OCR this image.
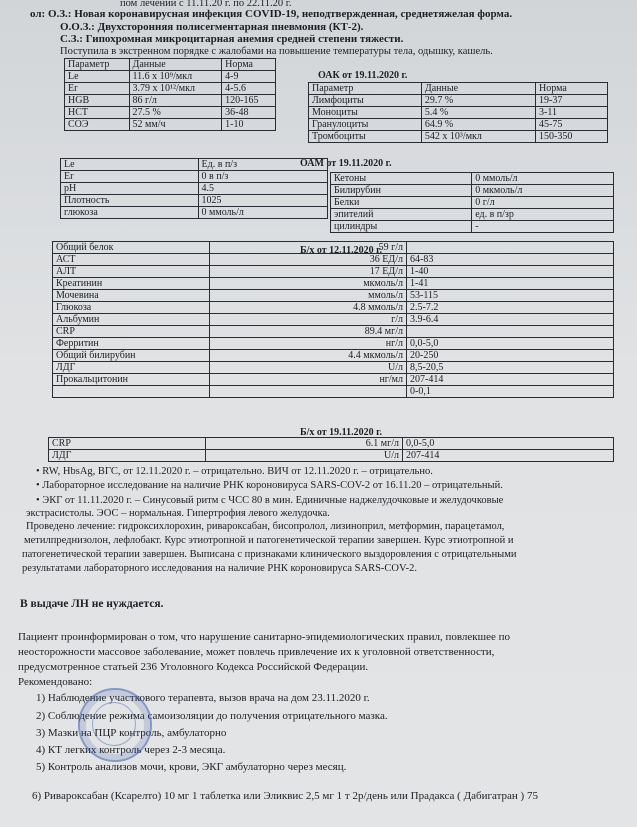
пом лечении с 11.11.20 г. по 22.11.20 г.
ол: О.З.: Новая коронавирусная инфекция COVID-19, неподтвержденная, среднетяжелая форма.
О.О.З.: Двухсторонняя полисегментарная пневмония (КТ-2).
С.З.: Гипохромная микроцитарная анемия средней степени тяжести.
Поступила в экстренном порядке с жалобами на повышение температуры тела, одышку, кашель.
Параметр	Данные	Норма
Le	11.6 x 10⁹/мкл	4-9
Er	3.79 x 10¹²/мкл	4-5.6
HGB	86 г/л	120-165
HCT	27.5 %	36-48
СОЭ	52 мм/ч	1-10
ОАК от 19.11.2020 г.
Параметр	Данные	Норма
Лимфоциты	29.7 %	19-37
Моноциты	5.4 %	3-11
Гранулоциты	64.9 %	45-75
Тромбоциты	542 x 10³/мкл	150-350
ОАМ от 19.11.2020 г.
Le	Ед. в п/з
Er	0 в п/з
pH	4.5
Плотность	1025
глюкоза	0 ммоль/л
Кетоны	0 ммоль/л
Билирубин	0 мкмоль/л
Белки	0 г/л
эпителий	ед. в п/зр
цилиндры	-
Б/х от 12.11.2020 г.
Общий белок	59 г/л	
АСТ	36 ЕД/л	64-83
АЛТ	17 ЕД/л	1-40
Креатинин	мкмоль/л	1-41
Мочевина	ммоль/л	53-115
Глюкоза	4.8 ммоль/л	2.5-7.2
Альбумин	г/л	3.9-6.4
CRP	89.4 мг/л	
Ферритин	нг/л	0,0-5,0
Общий билирубин	4.4 мкмоль/л	20-250
ЛДГ	U/л	8,5-20,5
Прокальцитонин	нг/мл	207-414
		0-0,1
Б/х от 19.11.2020 г.
CRP	6.1 мг/л	0,0-5,0
ЛДГ	U/л	207-414
• RW, HbsAg, ВГС, от 12.11.2020 г. – отрицательно. ВИЧ от 12.11.2020 г. – отрицательно.
• Лабораторное исследование на наличие РНК короновируса SARS-COV-2 от 16.11.20 – отрицательный.
• ЭКГ от 11.11.2020 г. – Синусовый ритм с ЧСС 80 в мин. Единичные наджелудочковые и желудочковые
экстрасистолы. ЭОС – нормальная. Гипертрофия левого желудочка.
Проведено лечение: гидроксихлорохин, ривароксабан, бисопролол, лизиноприл, метформин, парацетамол,
метилпреднизолон, лефлобакт. Курс этиотропной и патогенетической терапии завершен. Курс этиотропной и
патогенетической терапии завершен. Выписана с признаками клинического выздоровления с отрицательными
результатами лабораторного исследования на наличие РНК короновируса SARS-COV-2.
В выдаче ЛН не нуждается.
Пациент проинформирован о том, что нарушение санитарно-эпидемиологических правил, повлекшее по
неосторожности массовое заболевание, может повлечь привлечение их к уголовной ответственности,
предусмотренное статьей 236 Уголовного Кодекса Российской Федерации.
Рекомендовано:
1) Наблюдение участкового терапевта, вызов врача на дом 23.11.2020 г.
2) Соблюдение режима самоизоляции до получения отрицательного мазка.
3) Мазки на ПЦР контроль, амбулаторно
4) КТ легких контроль через 2-3 месяца.
5) Контроль анализов мочи, крови, ЭКГ амбулаторно через месяц.
6) Ривароксабан (Ксарелто) 10 мг 1 таблетка или Эликвис 2,5 мг 1 т 2р/день или Прадакса ( Дабигатран ) 75
